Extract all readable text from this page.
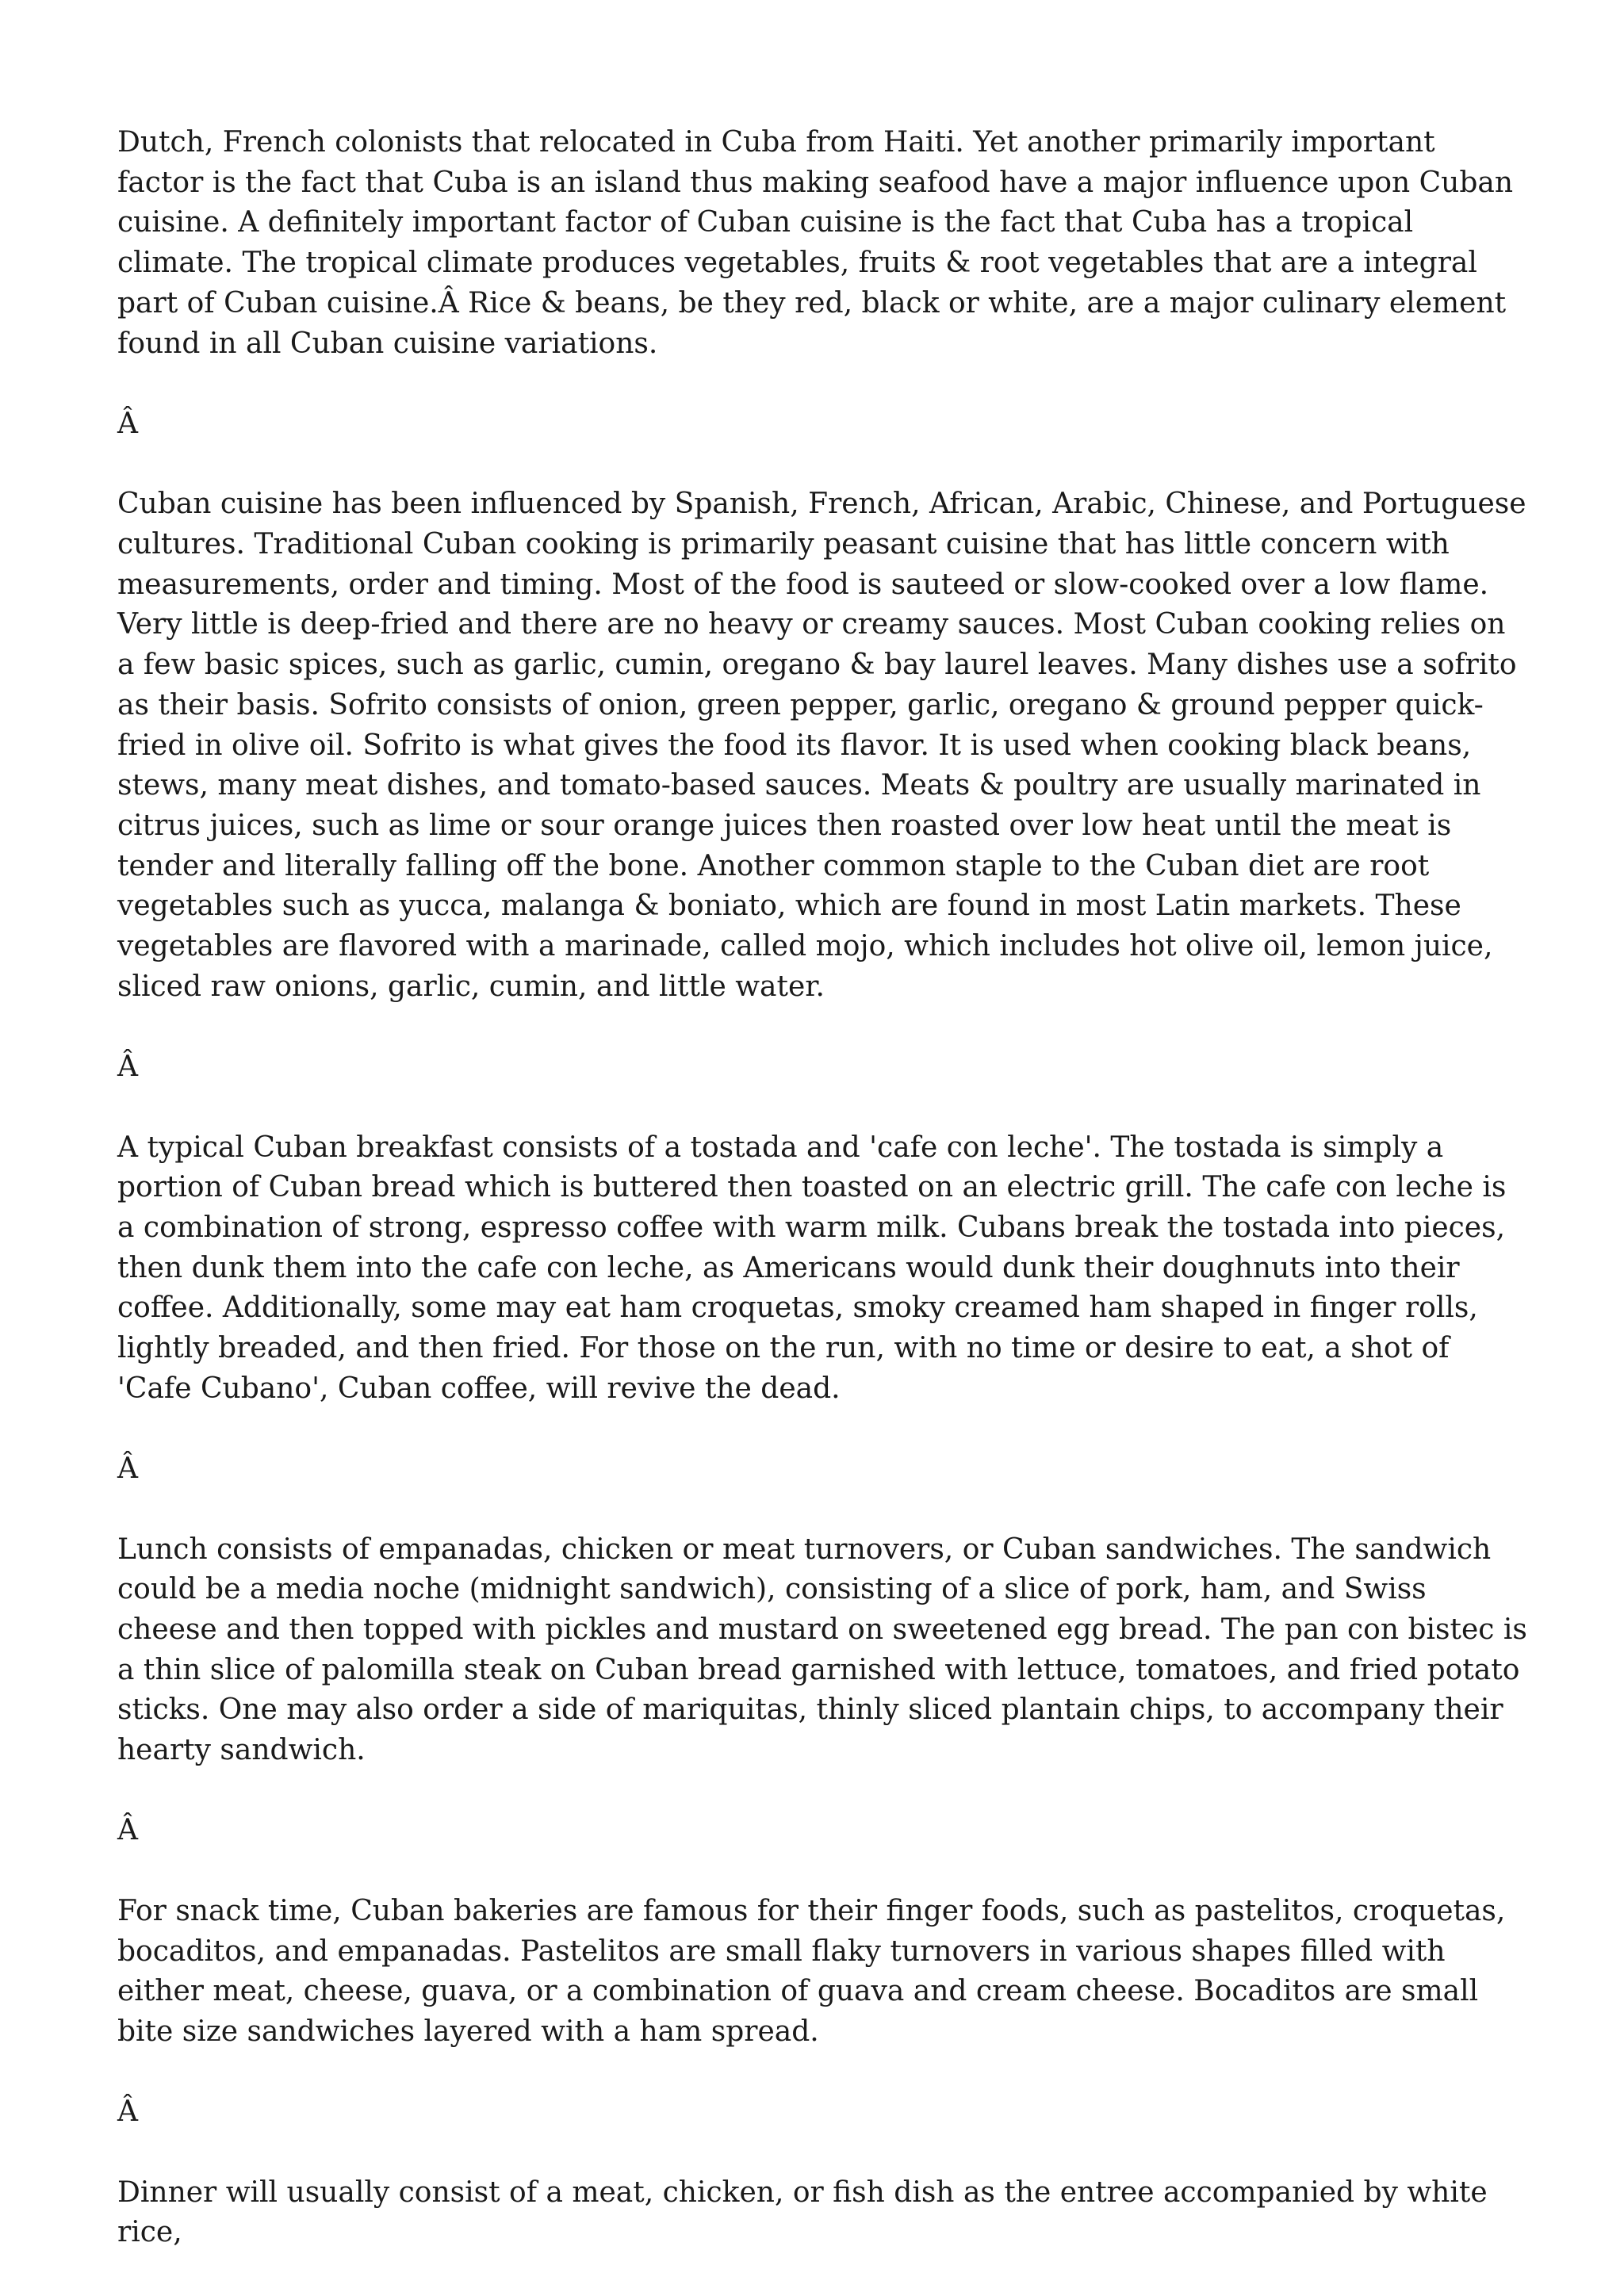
Dutch, French colonists that relocated in Cuba from Haiti. Yet another primarily important factor is the fact that Cuba is an island thus making seafood have a major influence upon Cuban cuisine. A definitely important factor of Cuban cuisine is the fact that Cuba has a tropical climate. The tropical climate produces vegetables, fruits & root vegetables that are a integral part of Cuban cuisine.Â Rice & beans, be they red, black or white, are a major culinary element found in all Cuban cuisine variations.

Â

Cuban cuisine has been influenced by Spanish, French, African, Arabic, Chinese, and Portuguese cultures. Traditional Cuban cooking is primarily peasant cuisine that has little concern with measurements, order and timing. Most of the food is sauteed or slow-cooked over a low flame. Very little is deep-fried and there are no heavy or creamy sauces. Most Cuban cooking relies on a few basic spices, such as garlic, cumin, oregano & bay laurel leaves. Many dishes use a sofrito as their basis. Sofrito consists of onion, green pepper, garlic, oregano & ground pepper quick-fried in olive oil. Sofrito is what gives the food its flavor. It is used when cooking black beans, stews, many meat dishes, and tomato-based sauces. Meats & poultry are usually marinated in citrus juices, such as lime or sour orange juices then roasted over low heat until the meat is tender and literally falling off the bone. Another common staple to the Cuban diet are root vegetables such as yucca, malanga & boniato, which are found in most Latin markets. These vegetables are flavored with a marinade, called mojo, which includes hot olive oil, lemon juice, sliced raw onions, garlic, cumin, and little water.

Â

A typical Cuban breakfast consists of a tostada and 'cafe con leche'. The tostada is simply a portion of Cuban bread which is buttered then toasted on an electric grill. The cafe con leche is a combination of strong, espresso coffee with warm milk. Cubans break the tostada into pieces, then dunk them into the cafe con leche, as Americans would dunk their doughnuts into their coffee. Additionally, some may eat ham croquetas, smoky creamed ham shaped in finger rolls, lightly breaded, and then fried. For those on the run, with no time or desire to eat, a shot of 'Cafe Cubano', Cuban coffee, will revive the dead.

Â

Lunch consists of empanadas, chicken or meat turnovers, or Cuban sandwiches. The sandwich could be a media noche (midnight sandwich), consisting of a slice of pork, ham, and Swiss cheese and then topped with pickles and mustard on sweetened egg bread. The pan con bistec is a thin slice of palomilla steak on Cuban bread garnished with lettuce, tomatoes, and fried potato sticks. One may also order a side of mariquitas, thinly sliced plantain chips, to accompany their hearty sandwich.

Â

For snack time, Cuban bakeries are famous for their finger foods, such as pastelitos, croquetas, bocaditos, and empanadas. Pastelitos are small flaky turnovers in various shapes filled with either meat, cheese, guava, or a combination of guava and cream cheese. Bocaditos are small bite size sandwiches layered with a ham spread.

Â

Dinner will usually consist of a meat, chicken, or fish dish as the entree accompanied by white rice,
